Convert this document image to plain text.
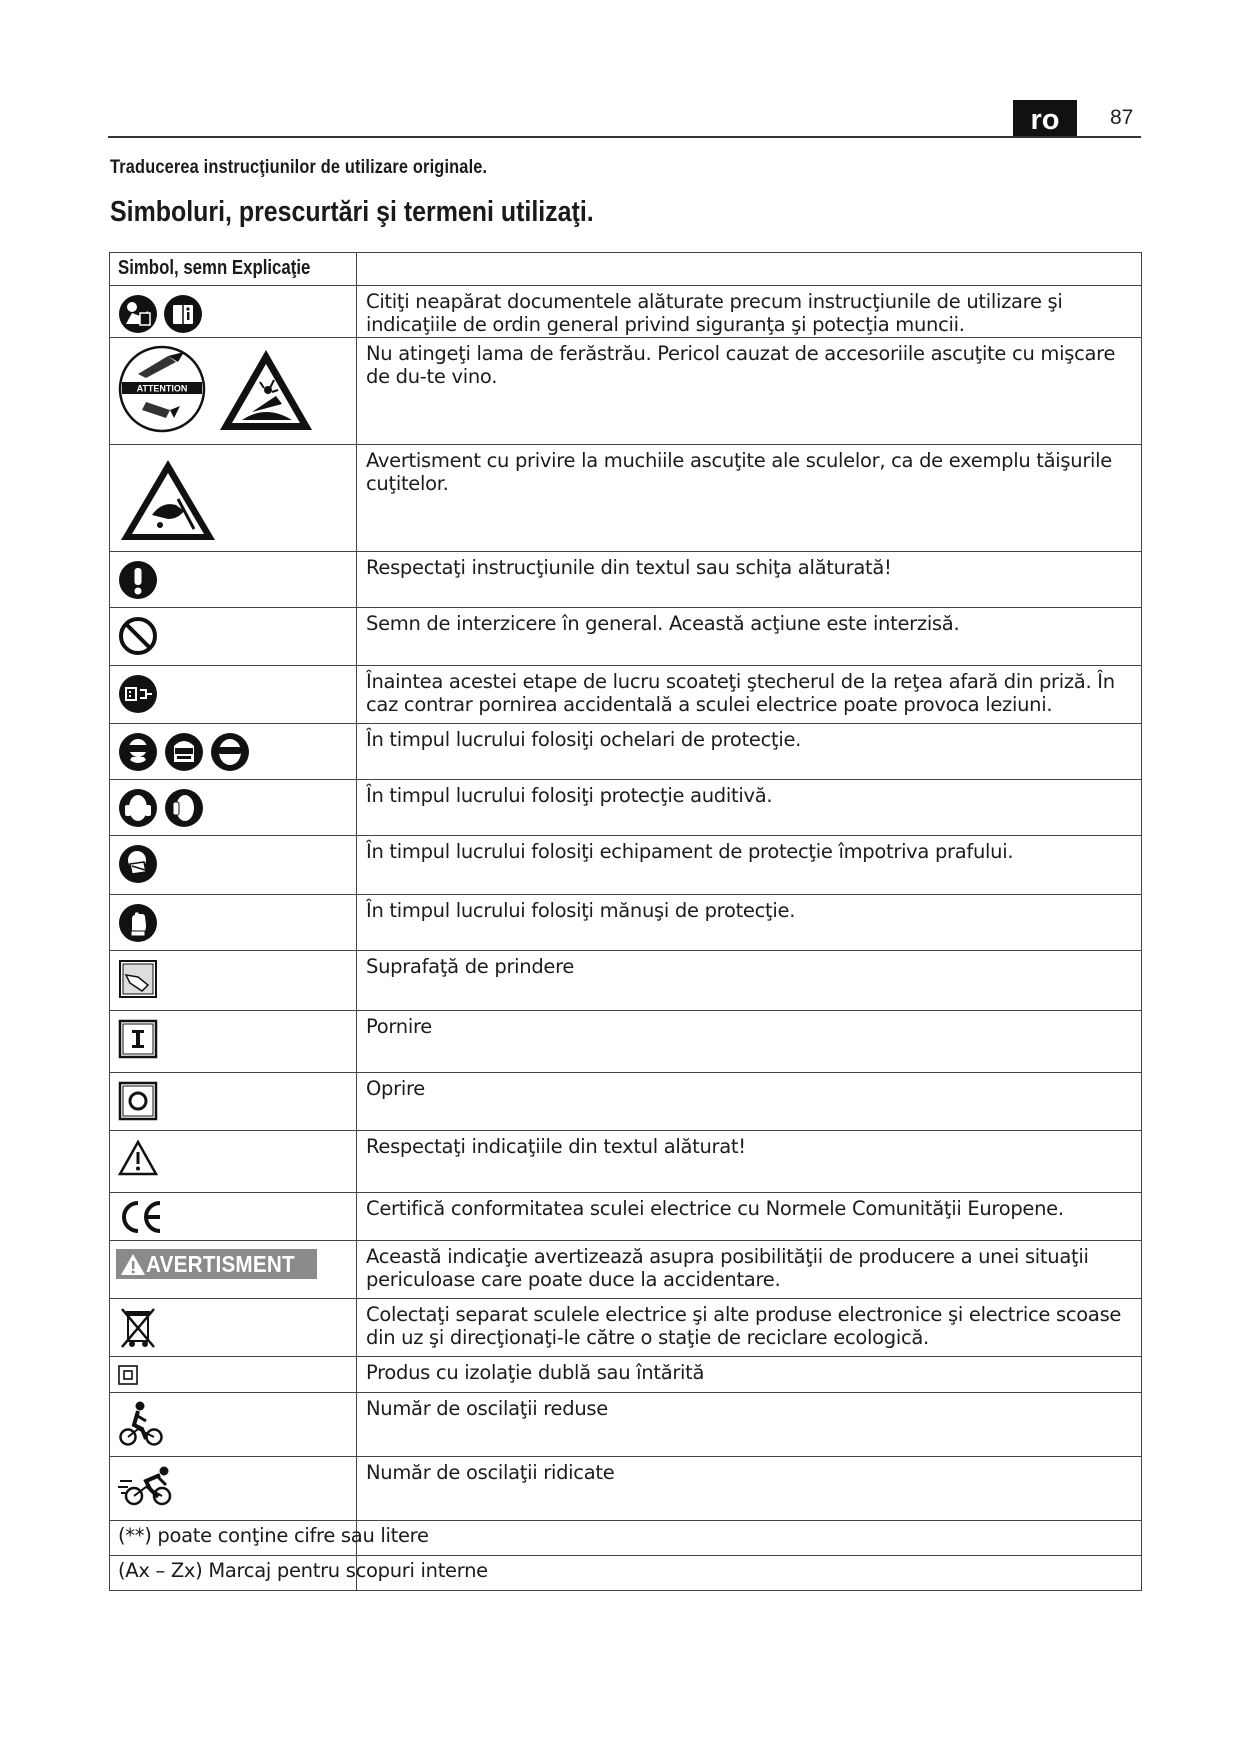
ro	87
Traducerea instrucţiunilor de utilizare originale.
Simboluri, prescurtări şi termeni utilizaţi.
Simbol, semn Explicaţie	

	Citiţi neapărat documentele alăturate precum instrucţiunile de utilizare şi indicaţiile de ordin general privind siguranţa şi potecţia muncii.

ATTENTION	Nu atingeţi lama de ferăstrău. Pericol cauzat de accesoriile ascuţite cu mişcare de du-te vino.

	Avertisment cu privire la muchiile ascuţite ale sculelor, ca de exemplu tăişurile cuţitelor.

	Respectaţi instrucţiunile din textul sau schiţa alăturată!

	Semn de interzicere în general. Această acţiune este interzisă.

	Înaintea acestei etape de lucru scoateţi ştecherul de la reţea afară din priză. În caz contrar pornirea accidentală a sculei electrice poate provoca leziuni.

	În timpul lucrului folosiţi ochelari de protecţie.

	În timpul lucrului folosiţi protecţie auditivă.

	În timpul lucrului folosiţi echipament de protecţie împotriva prafului.

	În timpul lucrului folosiţi mănuşi de protecţie.

	Suprafaţă de prindere

	Pornire

	Oprire

	Respectaţi indicaţiile din textul alăturat!

	Certifică conformitatea sculei electrice cu Normele Comunităţii Europene.

AVERTISMENT	Această indicaţie avertizează asupra posibilităţii de producere a unei situaţii periculoase care poate duce la accidentare.

	Colectaţi separat sculele electrice şi alte produse electronice şi electrice scoase din uz şi direcţionaţi-le către o staţie de reciclare ecologică.

	Produs cu izolaţie dublă sau întărită

	Număr de oscilaţii reduse

	Număr de oscilaţii ridicate
(**) poate conţine cifre sau litere	
(Ax – Zx) Marcaj pentru scopuri interne	
